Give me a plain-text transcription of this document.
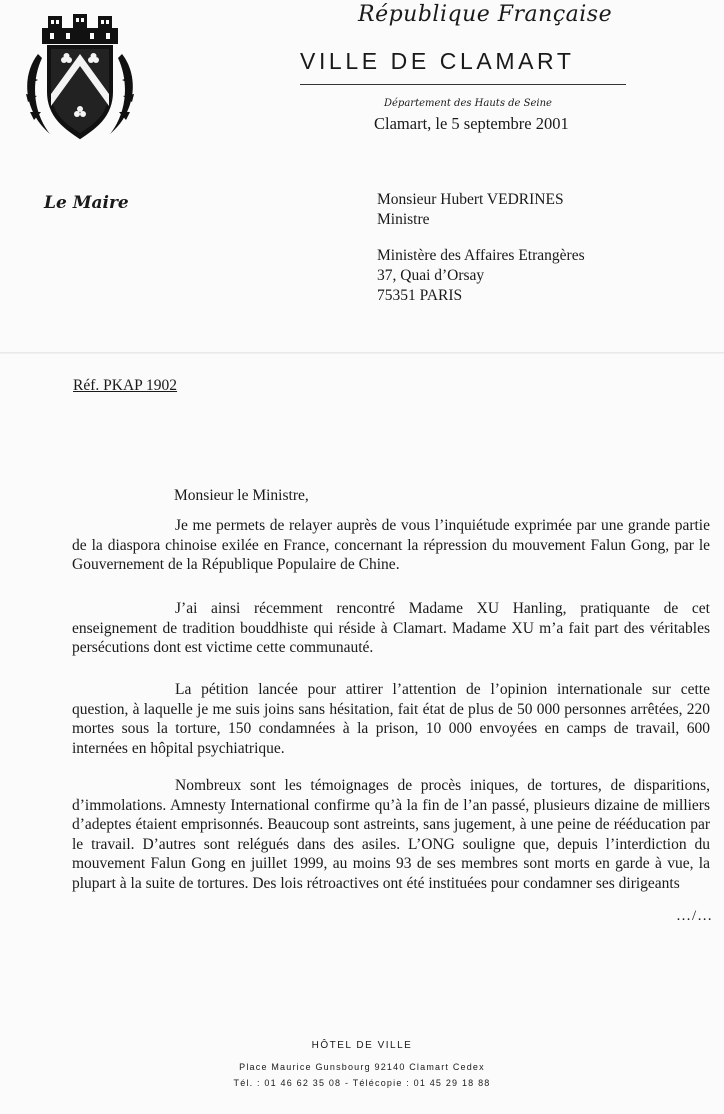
République Française
VILLE DE CLAMART
Département des Hauts de Seine
Clamart, le 5 septembre 2001
Le Maire	Monsieur Hubert VEDRINES
Ministre
Ministère des Affaires Etrangères
37, Quai d’Orsay
75351 PARIS
Réf. PKAP 1902
Monsieur le Ministre,

Je me permets de relayer auprès de vous l’inquiétude exprimée par une grande partie de la diaspora chinoise exilée en France, concernant la répression du mouvement Falun Gong, par le Gouvernement de la République Populaire de Chine.

J’ai ainsi récemment rencontré Madame XU Hanling, pratiquante de cet enseignement de tradition bouddhiste qui réside à Clamart. Madame XU m’a fait part des véritables persécutions dont est victime cette communauté.

La pétition lancée pour attirer l’attention de l’opinion internationale sur cette question, à laquelle je me suis joins sans hésitation, fait état de plus de 50 000 personnes arrêtées, 220 mortes sous la torture, 150 condamnées à la prison, 10 000 envoyées en camps de travail, 600 internées en hôpital psychiatrique.

Nombreux sont les témoignages de procès iniques, de tortures, de disparitions, d’immolations. Amnesty International confirme qu’à la fin de l’an passé, plusieurs dizaine de milliers d’adeptes étaient emprisonnés. Beaucoup sont astreints, sans jugement, à une peine de rééducation par le travail. D’autres sont relégués dans des asiles. L’ONG souligne que, depuis l’interdiction du mouvement Falun Gong en juillet 1999, au moins 93 de ses membres sont morts en garde à vue, la plupart à la suite de tortures. Des lois rétroactives ont été instituées pour condamner ses dirigeants

…/…
HÔTEL DE VILLE
Place Maurice Gunsbourg 92140 Clamart Cedex
Tél. : 01 46 62 35 08 - Télécopie : 01 45 29 18 88
